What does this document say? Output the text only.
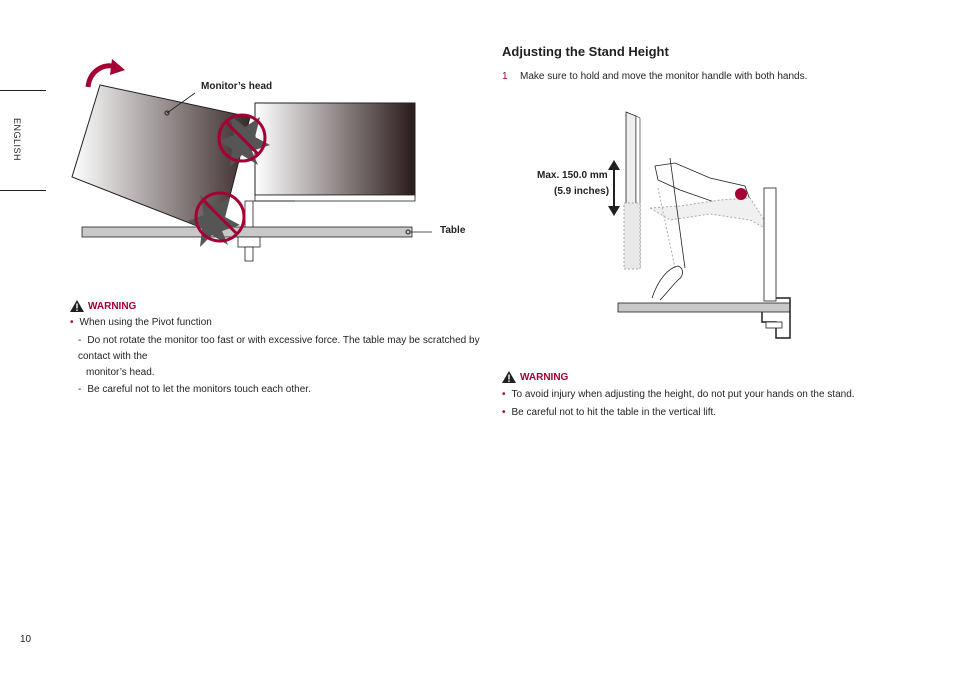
ENGLISH
Monitor’s head
Table
WARNING
• When using the Pivot function
- Do not rotate the monitor too fast or with excessive force. The table may be scratched by contact with the
monitor’s head.
- Be careful not to let the monitors touch each other.
Adjusting the Stand Height
1 Make sure to hold and move the monitor handle with both hands.
Max. 150.0 mm
(5.9 inches)
WARNING
• To avoid injury when adjusting the height, do not put your hands on the stand.
• Be careful not to hit the table in the vertical lift.
10
